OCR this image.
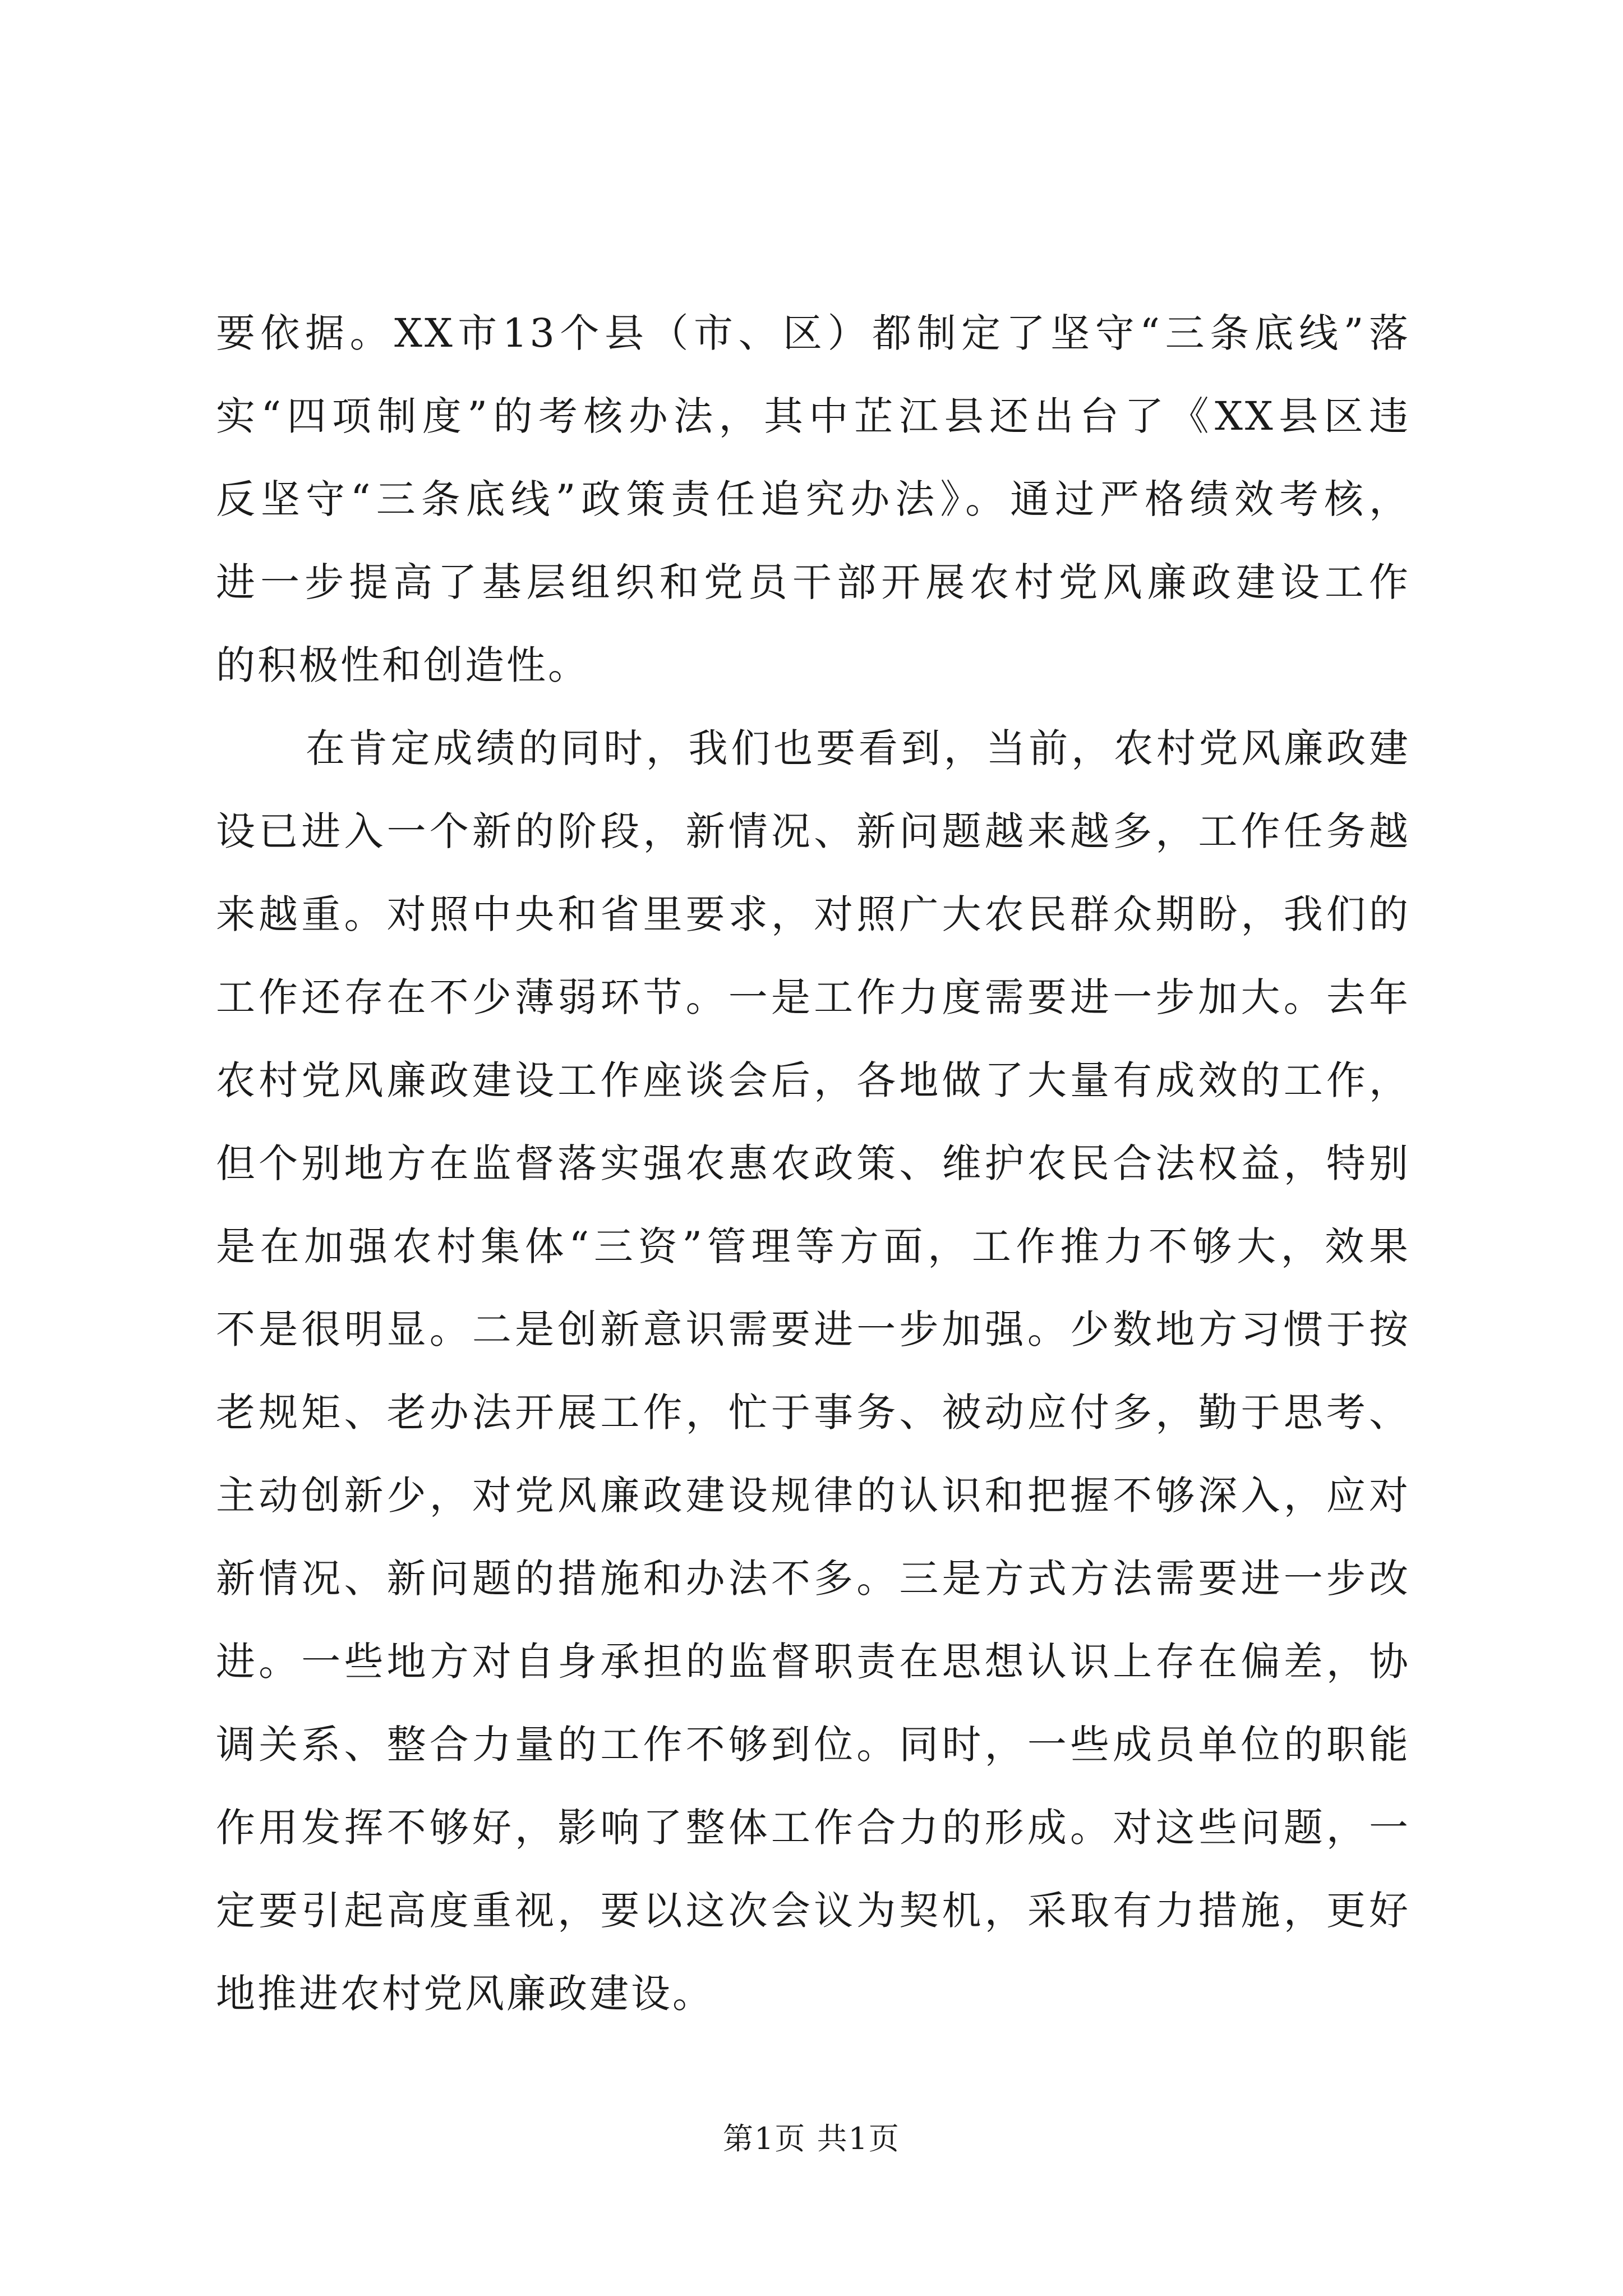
要依据。XX市13个县（市、区）都制定了坚守“三条底线”落
实“四项制度”的考核办法，其中芷江县还出台了《XX县区违
反坚守“三条底线”政策责任追究办法》。通过严格绩效考核，
进一步提高了基层组织和党员干部开展农村党风廉政建设工作
的积极性和创造性。
在肯定成绩的同时，我们也要看到，当前，农村党风廉政建
设已进入一个新的阶段，新情况、新问题越来越多，工作任务越
来越重。对照中央和省里要求，对照广大农民群众期盼，我们的
工作还存在不少薄弱环节。一是工作力度需要进一步加大。去年
农村党风廉政建设工作座谈会后，各地做了大量有成效的工作，
但个别地方在监督落实强农惠农政策、维护农民合法权益，特别
是在加强农村集体“三资”管理等方面，工作推力不够大，效果
不是很明显。二是创新意识需要进一步加强。少数地方习惯于按
老规矩、老办法开展工作，忙于事务、被动应付多，勤于思考、
主动创新少，对党风廉政建设规律的认识和把握不够深入，应对
新情况、新问题的措施和办法不多。三是方式方法需要进一步改
进。一些地方对自身承担的监督职责在思想认识上存在偏差，协
调关系、整合力量的工作不够到位。同时，一些成员单位的职能
作用发挥不够好，影响了整体工作合力的形成。对这些问题，一
定要引起高度重视，要以这次会议为契机，采取有力措施，更好
地推进农村党风廉政建设。
第1页 共1页
